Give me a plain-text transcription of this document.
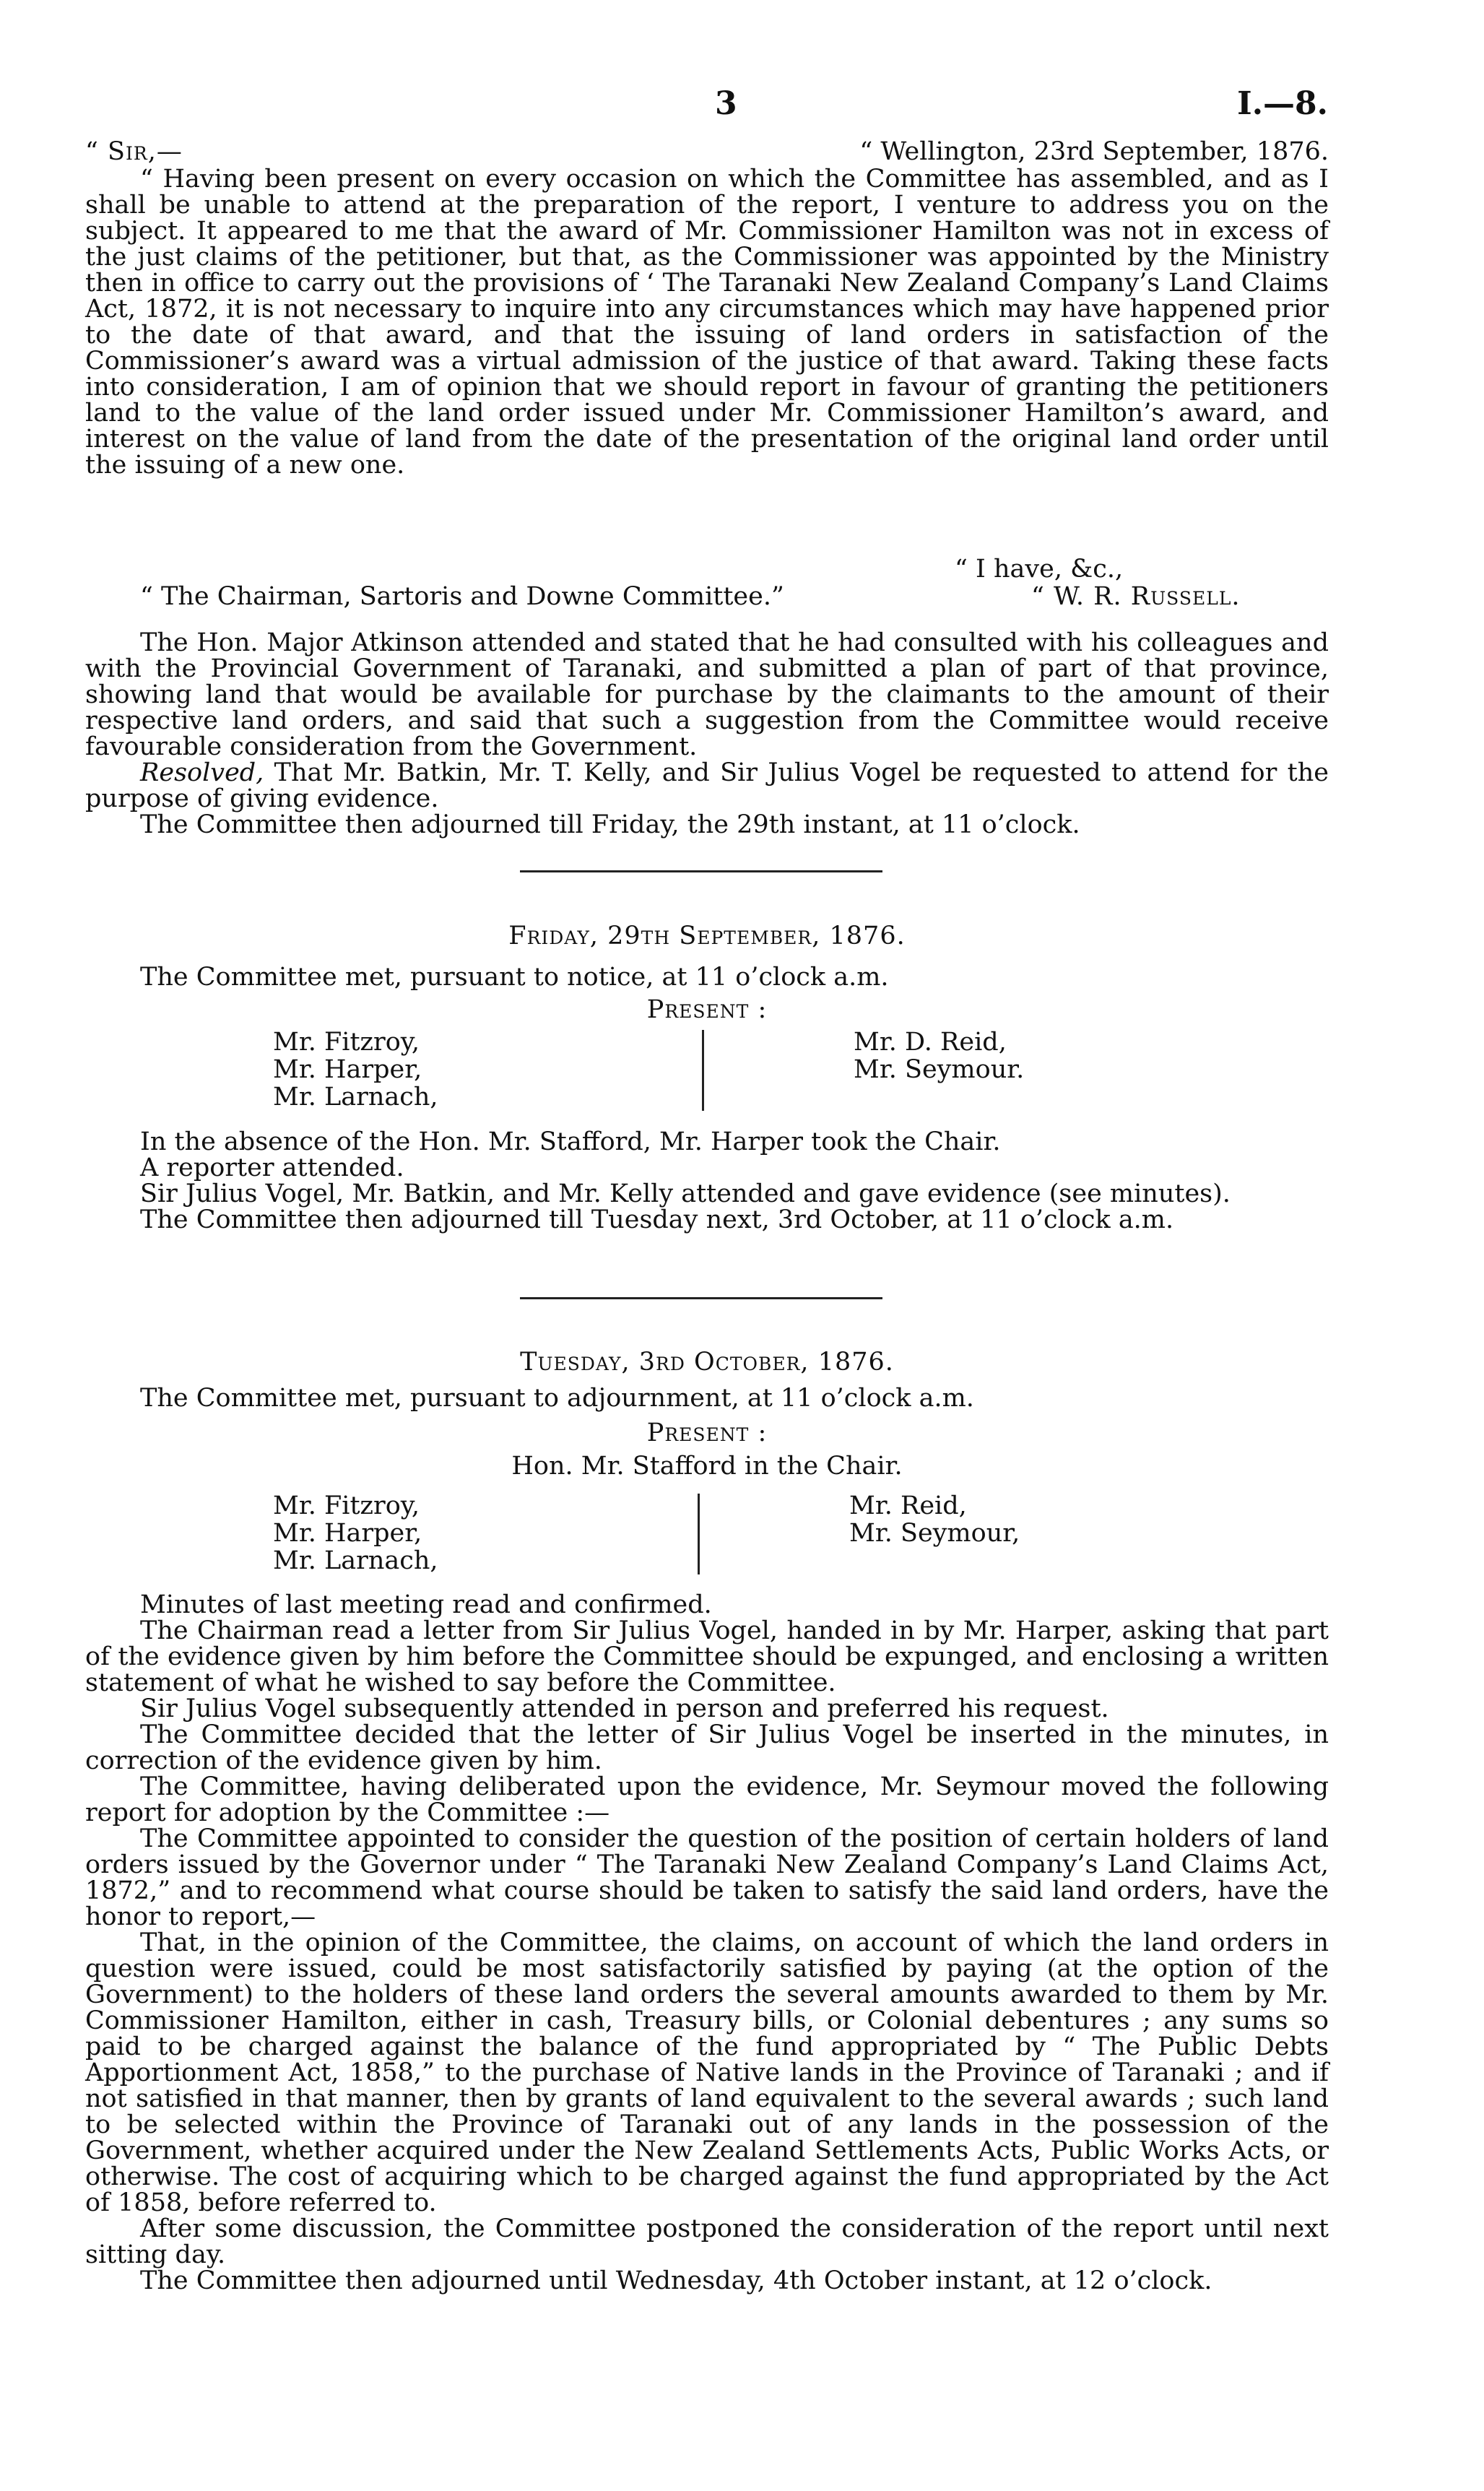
3	I.—8.
“ Sir,—	“ Wellington, 23rd September, 1876.

“ Having been present on every occasion on which the Committee has assembled, and as I shall be unable to attend at the preparation of the report, I venture to address you on the subject. It appeared to me that the award of Mr. Commissioner Hamilton was not in excess of the just claims of the petitioner, but that, as the Commissioner was appointed by the Ministry then in office to carry out the provisions of ‘ The Taranaki New Zealand Company’s Land Claims Act, 1872, it is not necessary to inquire into any circumstances which may have happened prior to the date of that award, and that the issuing of land orders in satisfaction of the Commissioner’s award was a virtual admission of the justice of that award. Taking these facts into consideration, I am of opinion that we should report in favour of granting the petitioners land to the value of the land order issued under Mr. Commissioner Hamilton’s award, and interest on the value of land from the date of the presentation of the original land order until the issuing of a new one.

“ I have, &c.,
“ The Chairman, Sartoris and Downe Committee.”	“ W. R. Russell.

The Hon. Major Atkinson attended and stated that he had consulted with his colleagues and with the Provincial Government of Taranaki, and submitted a plan of part of that province, showing land that would be available for purchase by the claimants to the amount of their respective land orders, and said that such a suggestion from the Committee would receive favourable consideration from the Government.

Resolved, That Mr. Batkin, Mr. T. Kelly, and Sir Julius Vogel be requested to attend for the purpose of giving evidence.

The Committee then adjourned till Friday, the 29th instant, at 11 o’clock.

Friday, 29th September, 1876.

The Committee met, pursuant to notice, at 11 o’clock a.m.

Present :
Mr. Fitzroy,
Mr. Harper,
Mr. Larnach,
Mr. D. Reid,
Mr. Seymour.

In the absence of the Hon. Mr. Stafford, Mr. Harper took the Chair.

A reporter attended.

Sir Julius Vogel, Mr. Batkin, and Mr. Kelly attended and gave evidence (see minutes).

The Committee then adjourned till Tuesday next, 3rd October, at 11 o’clock a.m.

Tuesday, 3rd October, 1876.

The Committee met, pursuant to adjournment, at 11 o’clock a.m.

Present :
Hon. Mr. Stafford in the Chair.
Mr. Fitzroy,
Mr. Harper,
Mr. Larnach,
Mr. Reid,
Mr. Seymour,

Minutes of last meeting read and confirmed.

The Chairman read a letter from Sir Julius Vogel, handed in by Mr. Harper, asking that part of the evidence given by him before the Committee should be expunged, and enclosing a written statement of what he wished to say before the Committee.

Sir Julius Vogel subsequently attended in person and preferred his request.

The Committee decided that the letter of Sir Julius Vogel be inserted in the minutes, in correction of the evidence given by him.

The Committee, having deliberated upon the evidence, Mr. Seymour moved the following report for adoption by the Committee :—

The Committee appointed to consider the question of the position of certain holders of land orders issued by the Governor under “ The Taranaki New Zealand Company’s Land Claims Act, 1872,” and to recommend what course should be taken to satisfy the said land orders, have the honor to report,—

That, in the opinion of the Committee, the claims, on account of which the land orders in question were issued, could be most satisfactorily satisfied by paying (at the option of the Government) to the holders of these land orders the several amounts awarded to them by Mr. Commissioner Hamilton, either in cash, Treasury bills, or Colonial debentures ; any sums so paid to be charged against the balance of the fund appropriated by “ The Public Debts Apportionment Act, 1858,” to the purchase of Native lands in the Province of Taranaki ; and if not satisfied in that manner, then by grants of land equivalent to the several awards ; such land to be selected within the Province of Taranaki out of any lands in the possession of the Government, whether acquired under the New Zealand Settlements Acts, Public Works Acts, or otherwise. The cost of acquiring which to be charged against the fund appropriated by the Act of 1858, before referred to.

After some discussion, the Committee postponed the consideration of the report until next sitting day.

The Committee then adjourned until Wednesday, 4th October instant, at 12 o’clock.
